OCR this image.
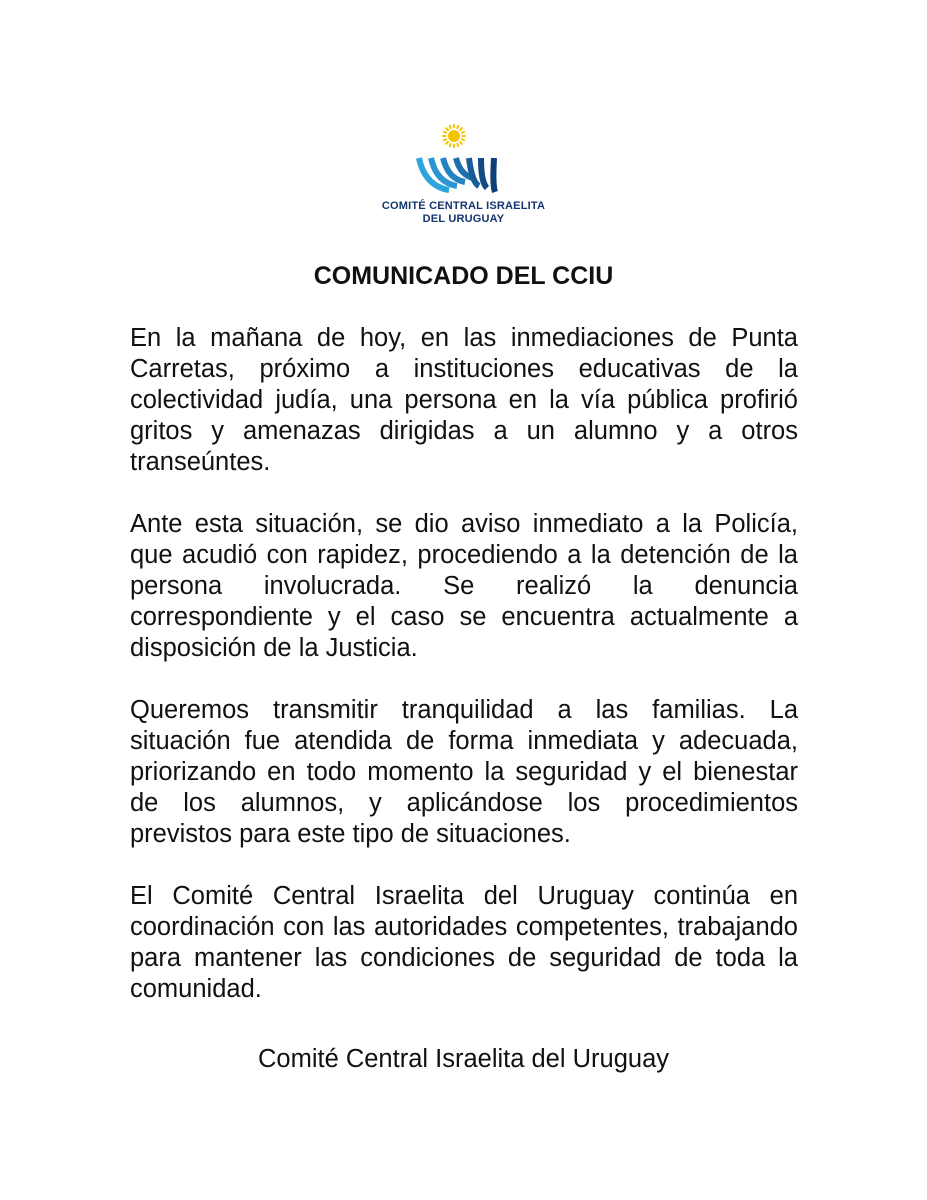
COMITÉ CENTRAL ISRAELITA
DEL URUGUAY
COMUNICADO DEL CCIU

En la mañana de hoy, en las inmediaciones de Punta Carretas, próximo a instituciones educativas de la colectividad judía, una persona en la vía pública profirió gritos y amenazas dirigidas a un alumno y a otros transeúntes.

Ante esta situación, se dio aviso inmediato a la Policía, que acudió con rapidez, procediendo a la detención de la persona involucrada. Se realizó la denuncia correspondiente y el caso se encuentra actualmente a disposición de la Justicia.

Queremos transmitir tranquilidad a las familias. La situación fue atendida de forma inmediata y adecuada, priorizando en todo momento la seguridad y el bienestar de los alumnos, y aplicándose los procedimientos previstos para este tipo de situaciones.

El Comité Central Israelita del Uruguay continúa en coordinación con las autoridades competentes, trabajando para mantener las condiciones de seguridad de toda la comunidad.

Comité Central Israelita del Uruguay
